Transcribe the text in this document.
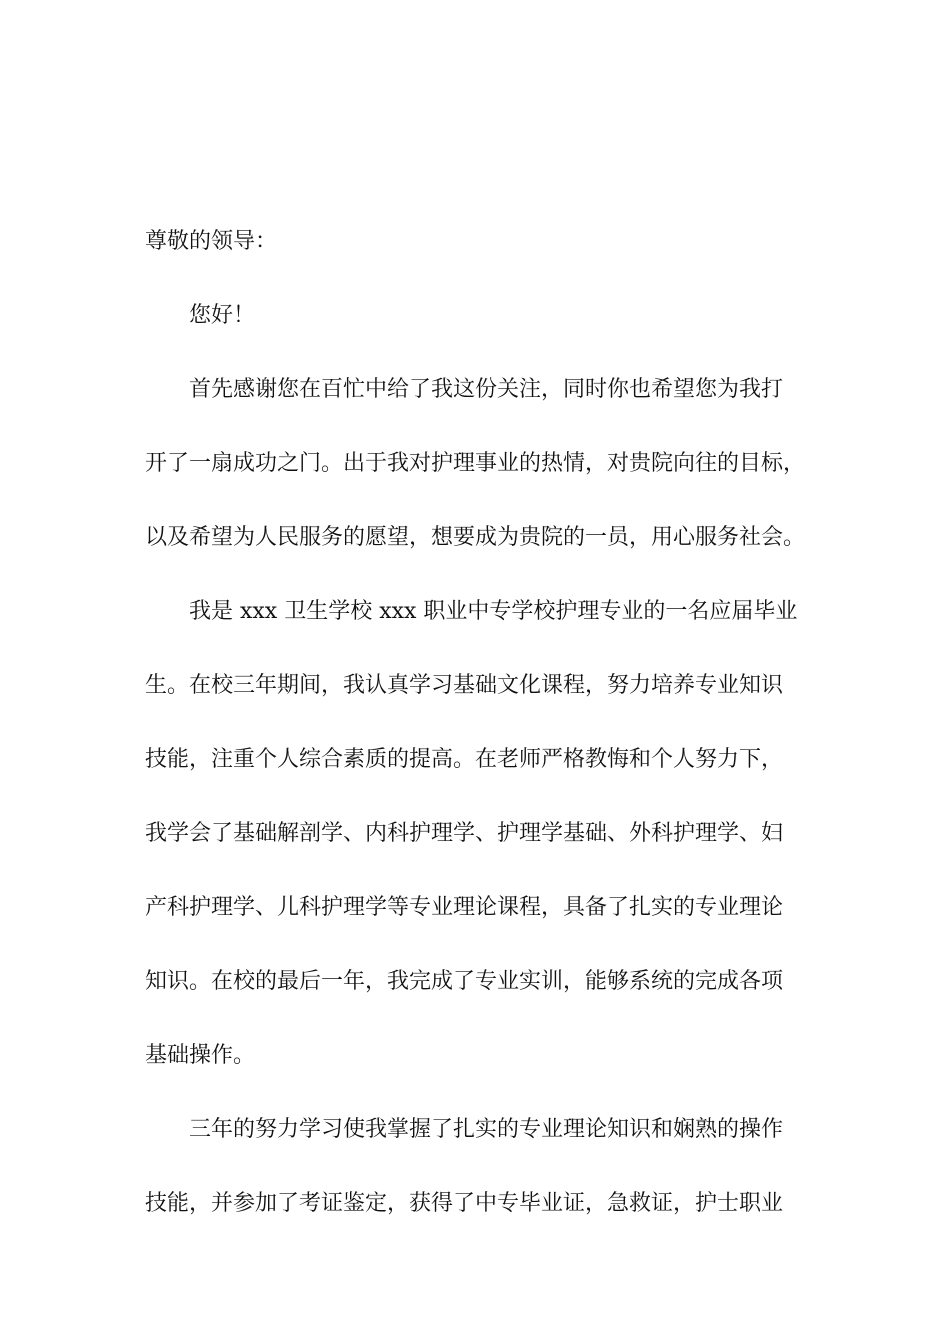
尊敬的领导：

您好！

首先感谢您在百忙中给了我这份关注，同时你也希望您为我打
开了一扇成功之门。出于我对护理事业的热情，对贵院向往的目标，
以及希望为人民服务的愿望，想要成为贵院的一员，用心服务社会。

我是 xxx 卫生学校 xxx 职业中专学校护理专业的一名应届毕业
生。在校三年期间，我认真学习基础文化课程，努力培养专业知识
技能，注重个人综合素质的提高。在老师严格教悔和个人努力下，
我学会了基础解剖学、内科护理学、护理学基础、外科护理学、妇
产科护理学、儿科护理学等专业理论课程，具备了扎实的专业理论
知识。在校的最后一年，我完成了专业实训，能够系统的完成各项
基础操作。

三年的努力学习使我掌握了扎实的专业理论知识和娴熟的操作
技能，并参加了考证鉴定，获得了中专毕业证，急救证，护士职业
